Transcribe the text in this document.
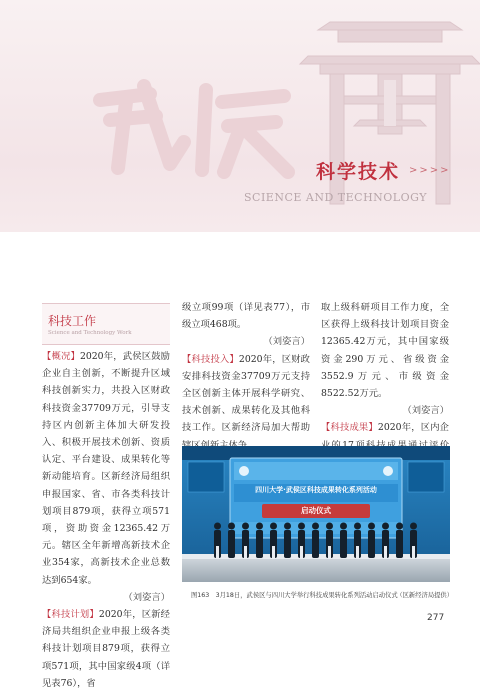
科学技术 >>>>
SCIENCE AND TECHNOLOGY
科技工作
Science and Technology Work

【概况】2020年，武侯区鼓励企业自主创新，不断提升区域科技创新实力，共投入区财政科技资金37709万元，引导支持区内创新主体加大研发投入、积极开展技术创新、资质认定、平台建设、成果转化等新动能培育。区新经济局组织申报国家、省、市各类科技计划项目879项，获得立项571项，资助资金12365.42万元。辖区全年新增高新技术企业354家，高新技术企业总数达到654家。

（刘姿言）

【科技计划】2020年，区新经济局共组织企业申报上级各类科技计划项目879项，获得立项571项，其中国家级4项（详见表76），省

级立项99项（详见表77），市级立项468项。

（刘姿言）

【科技投入】2020年，区财政安排科技资金37709万元支持全区创新主体开展科学研究、技术创新、成果转化及其他科技工作。区新经济局加大帮助

取上级科研项目工作力度，全区获得上级科技计划项目资金12365.42万元，其中国家级资金290万元、省级资金3552.9万元、市级资金8522.52万元。

（刘姿言）

【科技成果】2020年，区内企

四川大学·武侯区科技成果转化系列活动
启动仪式
图163　3月18日，武侯区与四川大学举行科技成果转化系列活动启动仪式
（区新经济局提供）
277
